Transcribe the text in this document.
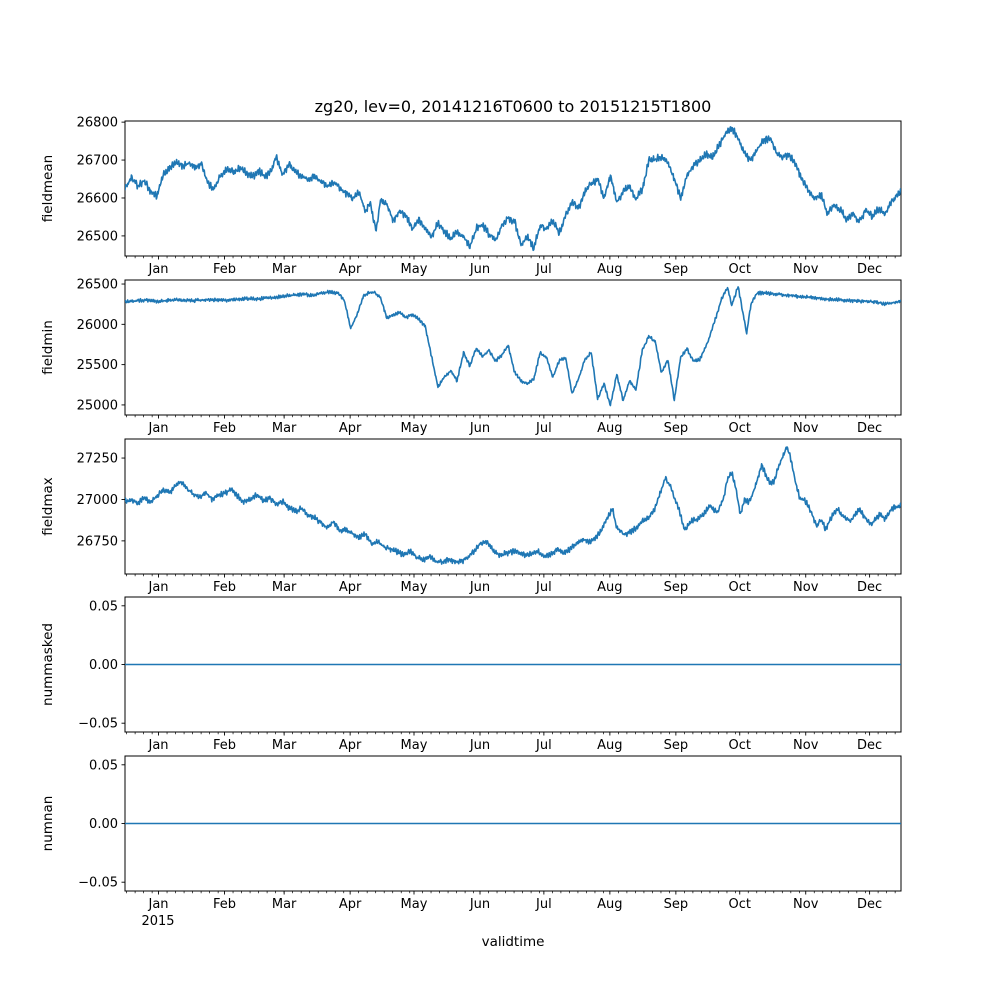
zg20, lev=0, 20141216T0600 to 20151215T1800
26500
26600
26700
26800
fieldmean
Jan	Feb	Mar	Apr	May	Jun	Jul	Aug	Sep	Oct	Nov	Dec
25000
25500
26000
26500
fieldmin
Jan	Feb	Mar	Apr	May	Jun	Jul	Aug	Sep	Oct	Nov	Dec
26750
27000
27250
fieldmax
Jan	Feb	Mar	Apr	May	Jun	Jul	Aug	Sep	Oct	Nov	Dec
−0.05
0.00
0.05
nummasked
Jan	Feb	Mar	Apr	May	Jun	Jul	Aug	Sep	Oct	Nov	Dec
−0.05
0.00
0.05
numnan
Jan	Feb	Mar	Apr	May	Jun	Jul	Aug	Sep	Oct	Nov	Dec
2015
validtime
